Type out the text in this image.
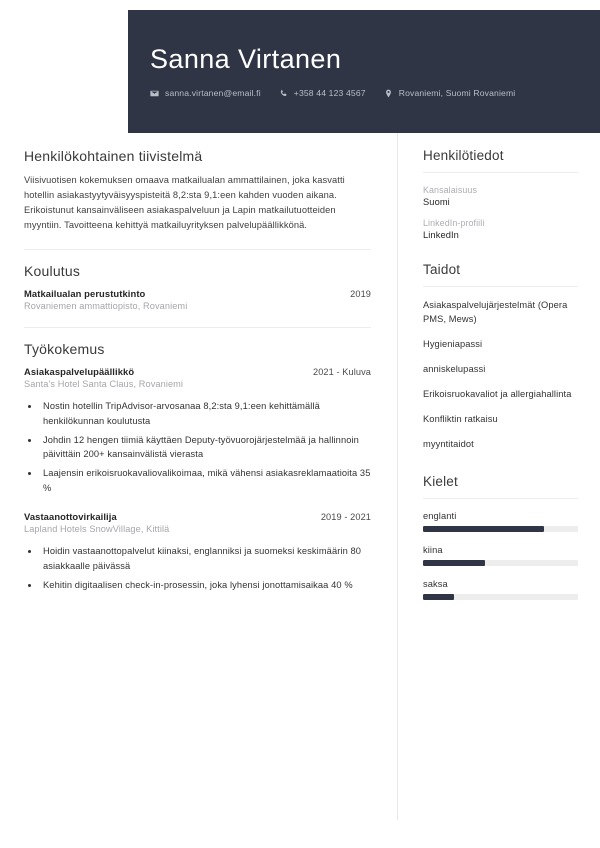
Sanna Virtanen
sanna.virtanen@email.fi	+358 44 123 4567	Rovaniemi, Suomi Rovaniemi
Henkilökohtainen tiivistelmä

Viisivuotisen kokemuksen omaava matkailualan ammattilainen, joka kasvatti hotellin asiakastyytyväisyyspisteitä 8,2:sta 9,1:een kahden vuoden aikana. Erikoistunut kansainväliseen asiakaspalveluun ja Lapin matkailutuotteiden myyntiin. Tavoitteena kehittyä matkailuyrityksen palvelupäällikkönä.

Koulutus
Matkailualan perustutkinto	2019
Rovaniemen ammattiopisto, Rovaniemi
Työkokemus
Asiakaspalvelupäällikkö	2021 - Kuluva
Santa's Hotel Santa Claus, Rovaniemi
• Nostin hotellin TripAdvisor-arvosanaa 8,2:sta 9,1:een kehittämällä henkilökunnan koulutusta
• Johdin 12 hengen tiimiä käyttäen Deputy-työvuorojärjestelmää ja hallinnoin päivittäin 200+ kansainvälistä vierasta
• Laajensin erikoisruokavaliovalikoimaa, mikä vähensi asiakasreklamaatioita 35 %
Vastaanottovirkailija	2019 - 2021
Lapland Hotels SnowVillage, Kittilä
• Hoidin vastaanottopalvelut kiinaksi, englanniksi ja suomeksi keskimäärin 80 asiakkaalle päivässä
• Kehitin digitaalisen check-in-prosessin, joka lyhensi jonottamisaikaa 40 %
Henkilötiedot
Kansalaisuus
Suomi
LinkedIn-profiili
LinkedIn
Taidot
Asiakaspalvelujärjestelmät (Opera PMS, Mews)
Hygieniapassi
anniskelupassi
Erikoisruokavaliot ja allergiahallinta
Konfliktin ratkaisu
myyntitaidot
Kielet
englanti
kiina
saksa
